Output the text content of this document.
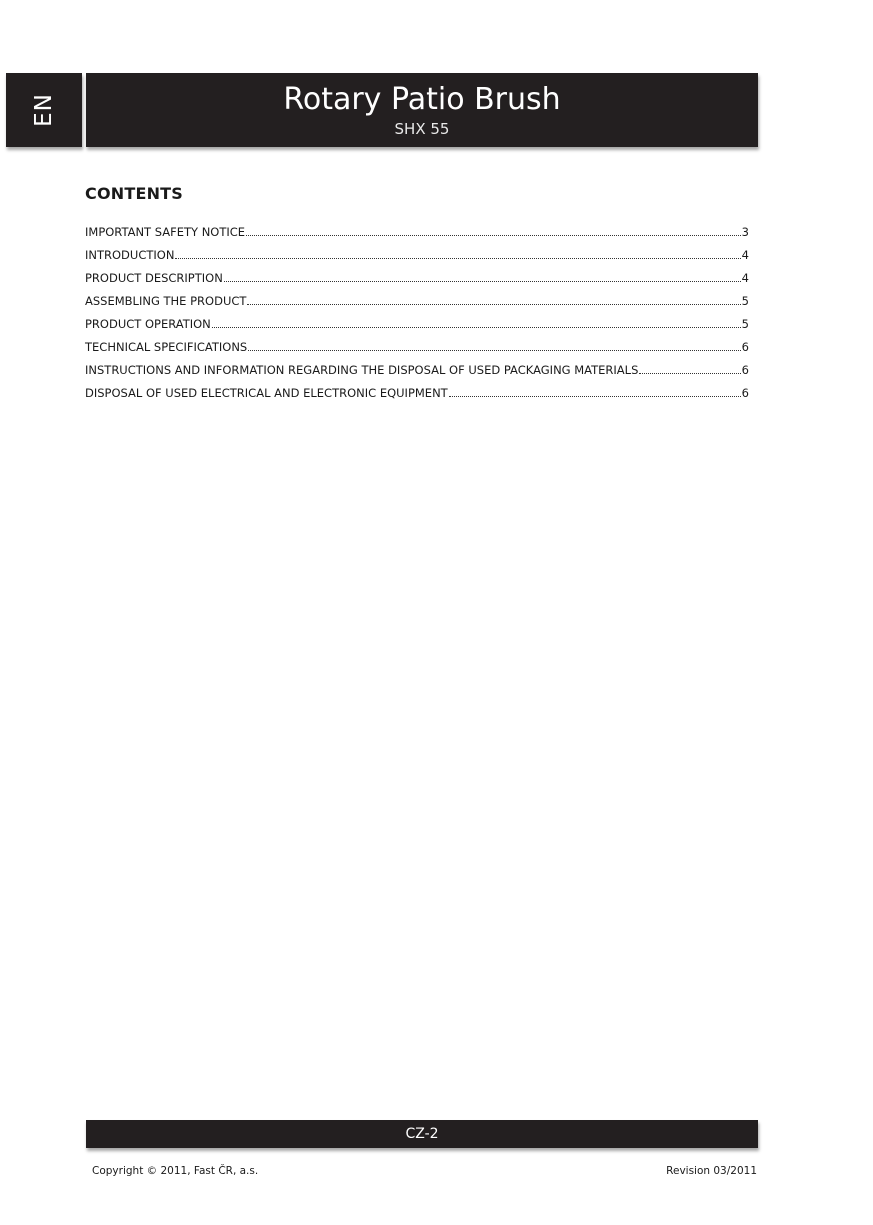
EN	Rotary Patio Brush
SHX 55
CONTENTS
IMPORTANT SAFETY NOTICE	3
INTRODUCTION	4
PRODUCT DESCRIPTION	4
ASSEMBLING THE PRODUCT	5
PRODUCT OPERATION	5
TECHNICAL SPECIFICATIONS	6
INSTRUCTIONS AND INFORMATION REGARDING THE DISPOSAL OF USED PACKAGING MATERIALS	6
DISPOSAL OF USED ELECTRICAL AND ELECTRONIC EQUIPMENT	6
CZ-2
Copyright © 2011, Fast ČR, a.s.	Revision 03/2011
